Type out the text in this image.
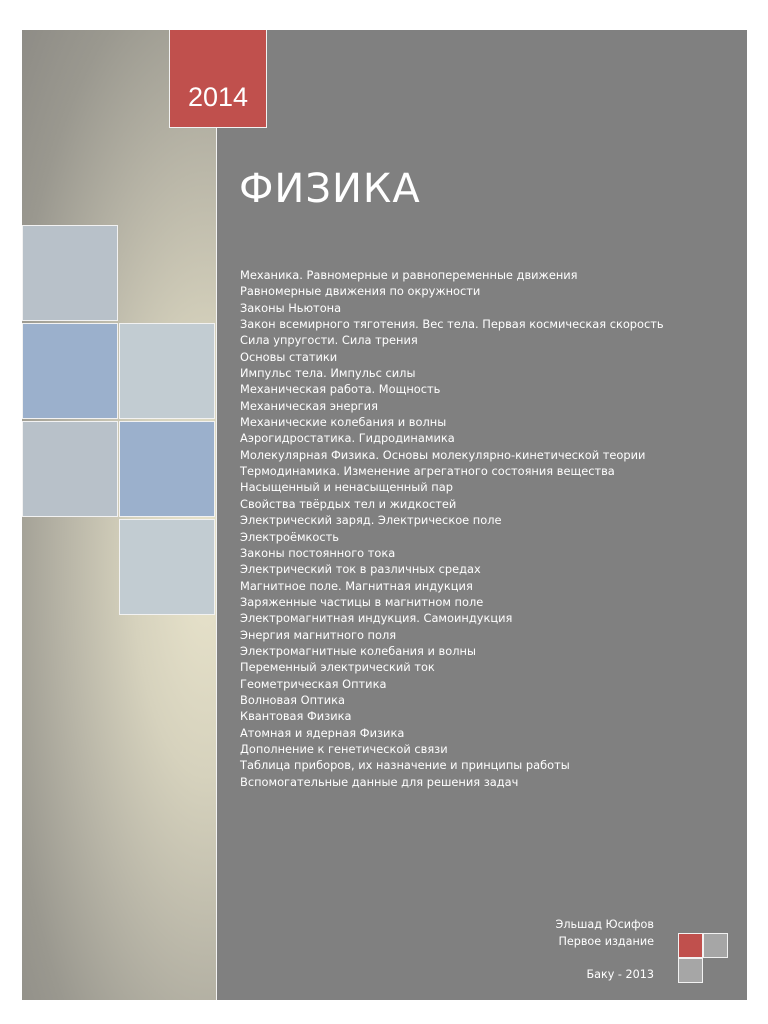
2014
ФИЗИКА
Механика. Равномерные и равнопеременные движения
Равномерные движения по окружности
Законы Ньютона
Закон всемирного тяготения. Вес тела. Первая космическая скорость
Сила упругости. Сила трения
Основы статики
Импульс тела. Импульс силы
Механическая работа. Мощность
Механическая энергия
Механические колебания и волны
Аэрогидростатика. Гидродинамика
Молекулярная Физика. Основы молекулярно-кинетической теории
Термодинамика. Изменение агрегатного состояния вещества
Насыщенный и ненасыщенный пар
Свойства твёрдых тел и жидкостей
Электрический заряд. Электрическое поле
Электроёмкость
Законы постоянного тока
Электрический ток в различных средах
Магнитное поле. Магнитная индукция
Заряженные частицы в магнитном поле
Электромагнитная индукция. Самоиндукция
Энергия магнитного поля
Электромагнитные колебания и волны
Переменный электрический ток
Геометрическая Оптика
Волновая Оптика
Квантовая Физика
Атомная и ядерная Физика
Дополнение к генетической связи
Таблица приборов, их назначение и принципы работы
Вспомогательные данные для решения задач
Эльшад Юсифов
Первое издание
Баку - 2013
